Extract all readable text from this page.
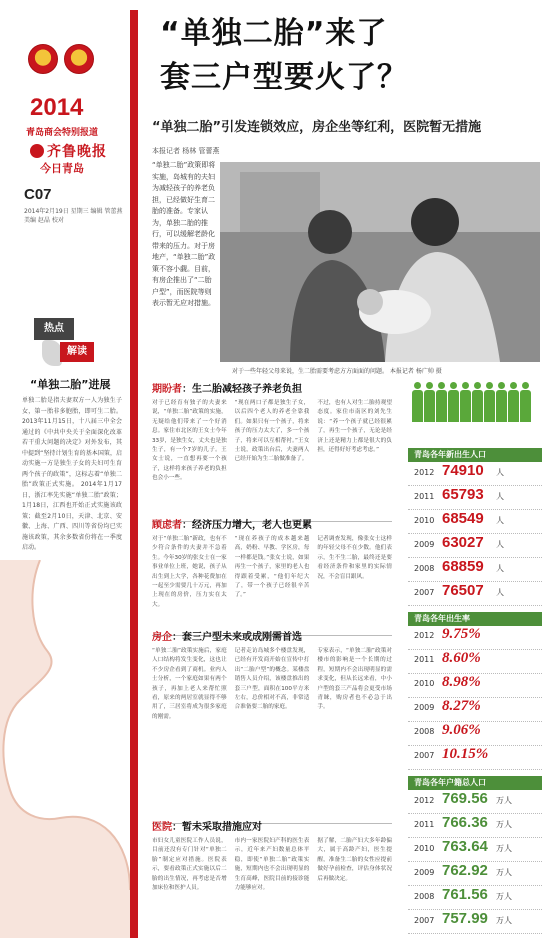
2014
青岛商会特别报道
齐鲁晚报
今日青岛
C07
2014年2月19日 星期三 编辑 管蕾燕 美编 赵晶 校对
热点
解读
“单独二胎”进展
单独二胎是指夫妻双方一人为独生子女，第一胎非多胞胎，即可生二胎。 2013年11月15日，十八届三中全会通过的《中共中央关于全面深化改革若干重大问题的决定》对外发布，其中提到“坚持计划生育的基本国策，启动实施一方是独生子女的夫妇可生育两个孩子的政策”，这标志着“单独二胎”政策正式实施。 2014年1月17日，浙江率先实施“单独二胎”政策；1月18日，江西也开始正式实施该政策；截至2月10日，天津、北京、安徽、上海、广西、四川等省份均已实施该政策，其余多数省份将在一季度启动。
“单独二胎”来了
套三户型要火了？
“单独二胎”引发连锁效应，房企坐等红利，医院暂无措施
本报记者 杨林 管蕾燕
“单独二胎”政策即将实施，岛城有的夫妇为减轻孩子的养老负担，已经做好生育二胎的准备。专家认为，单独二胎的推行，可以缓解老龄化带来的压力。对于房地产，“单独二胎”政策不容小觑。目前，有房企推出了“二胎户型”，而医院等则表示暂无应对措施。
对于一些年轻父母来说，生二胎需要考虑方方面面的问题。 本报记者 杨广帅 摄
期盼者：生二胎减轻孩子养老负担
对于已经育有独子的夫妻来说，“单独二胎”政策的实施，无疑给他们带来了一个好消息。家住市北区的王女士今年33岁，是独生女，丈夫也是独生子，有一个7岁的儿子。王女士说，一直想再要一个孩子，这样将来孩子养老的负担也会小一些。
“现在两口子都是独生子女，以后四个老人的养老全靠我们。如果只有一个孩子，将来孩子的压力太大了，多一个孩子，将来可以互相帮衬。”王女士说，政策出台后，夫妻两人已经开始为生二胎做准备了。
不过，也有人对生二胎持观望态度。家住市南区的刘先生说：“养一个孩子就已经很累了，再生一个孩子，无论是经济上还是精力上都是很大的负担，还得好好考虑考虑。”
顾虑者：经济压力增大，老人也更累
对于“单独二胎”新政，也有不少符合条件的夫妻并不急着生。今年30岁的张女士在一家事业单位上班，她说，孩子从出生到上大学，各种花费加在一起至少需要几十万元，再加上现在的房价，压力实在太大。
“现在养孩子的成本越来越高，奶粉、早教、学区房，每一样都是钱。”张女士说，如果再生一个孩子，家里的老人也得跟着受累，“他们年纪大了，带一个孩子已经很辛苦了。”
记者调查发现，像张女士这样的年轻父母不在少数。他们表示，生不生二胎，最终还是要看经济条件和家里的实际情况，不会盲目跟风。
房企：套三户型未来或成刚需首选
“单独二胎”政策实施后，家庭人口结构将发生变化，这也让不少房企看到了商机。业内人士分析，一个家庭如果有两个孩子，再加上老人来帮忙照看，原来的两居室就显得不够用了，三居室将成为很多家庭的刚需。
记者走访岛城多个楼盘发现，已经有开发商开始在宣传中打出“二胎户型”的概念。某楼盘销售人员介绍，该楼盘推出的套三户型，面积在100平方米左右，总价相对不高，非常适合准备要二胎的家庭。
专家表示，“单独二胎”政策对楼市的影响是一个长期的过程，短期内不会出现明显的需求变化，但从长远来看，中小户型的套三产品将会更受市场青睐，购房者也不必急于出手。
医院：暂未采取措施应对
市妇女儿童医院工作人员说，目前还没有专门针对“单独二胎”制定应对措施。医院表示，要看政策正式实施以后二胎的出生情况，再考虑是否增加床位和医护人员。
市内一家医院妇产科的医生表示，近年来产妇数量总体平稳，即使“单独二胎”政策实施，短期内也不会出现明显的生育高峰，医院目前的接诊能力能够应对。
据了解，二胎产妇大多年龄偏大，属于高龄产妇，医生提醒，准备生二胎的女性应提前做好孕前检查，评估身体状况后再做决定。
青岛各年新出生人口
2012 74910	人
2011 65793	人
2010 68549	人
2009 63027	人
2008 68859	人
2007 76507	人
青岛各年出生率
2012 9.75%
2011 8.60%
2010 8.98%
2009 8.27%
2008 9.06%
2007 10.15%
青岛各年户籍总人口
2012 769.56	万人
2011 766.36	万人
2010 763.64	万人
2009 762.92	万人
2008 761.56	万人
2007 757.99	万人
